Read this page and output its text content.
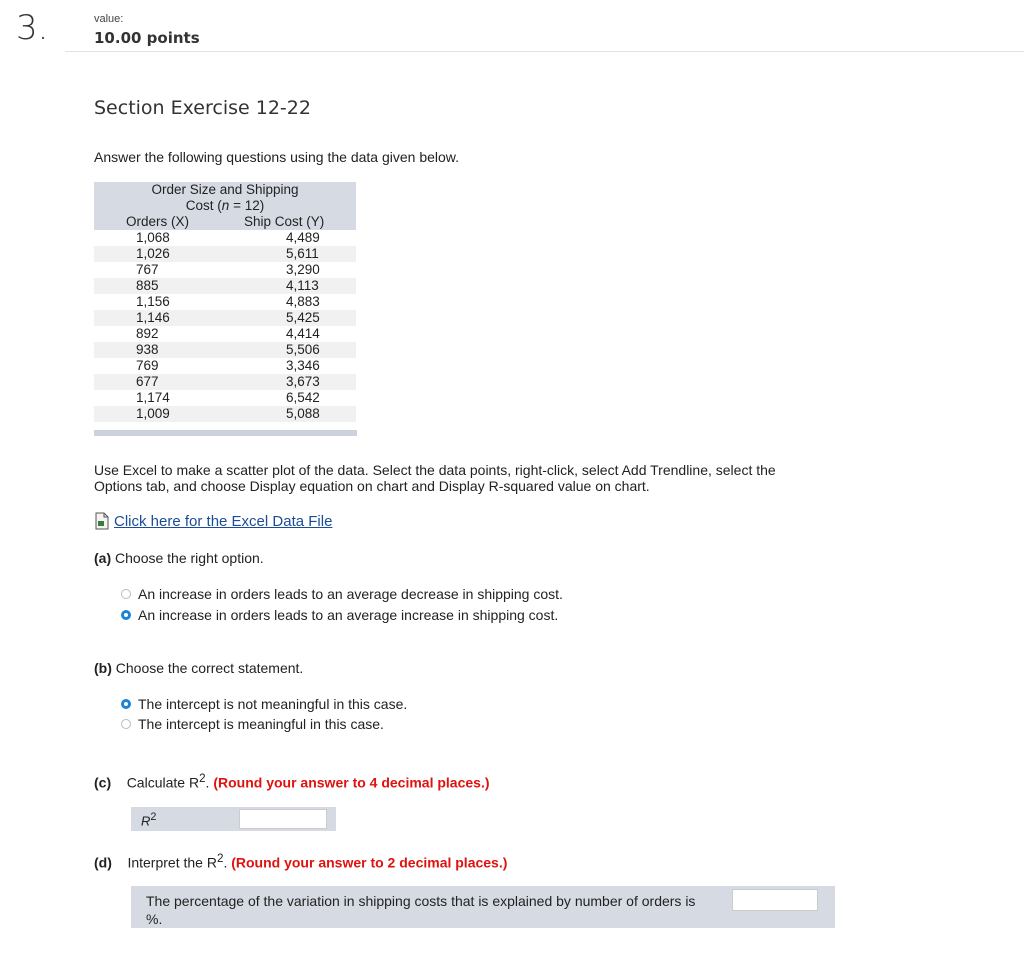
3.	value:
10.00 points
Section Exercise 12-22
Answer the following questions using the data given below.
Order Size and Shipping	
Cost (n = 12)	
Orders (X)	Ship Cost (Y)
1,068	4,489
1,026	5,611
767	3,290
885	4,113
1,156	4,883
1,146	5,425
892	4,414
938	5,506
769	3,346
677	3,673
1,174	6,542
1,009	5,088
Use Excel to make a scatter plot of the data. Select the data points, right-click, select Add Trendline, select the Options tab, and choose Display equation on chart and Display R-squared value on chart.
Click here for the Excel Data File
(a) Choose the right option.
An increase in orders leads to an average decrease in shipping cost.
An increase in orders leads to an average increase in shipping cost.
(b) Choose the correct statement.
The intercept is not meaningful in this case.
The intercept is meaningful in this case.
(c) Calculate $R^2$. (Round your answer to 4 decimal places.)
$R^2$
(d) Interpret the $R^2$. (Round your answer to 2 decimal places.)
The percentage of the variation in shipping costs that is explained by number of orders is
%.
